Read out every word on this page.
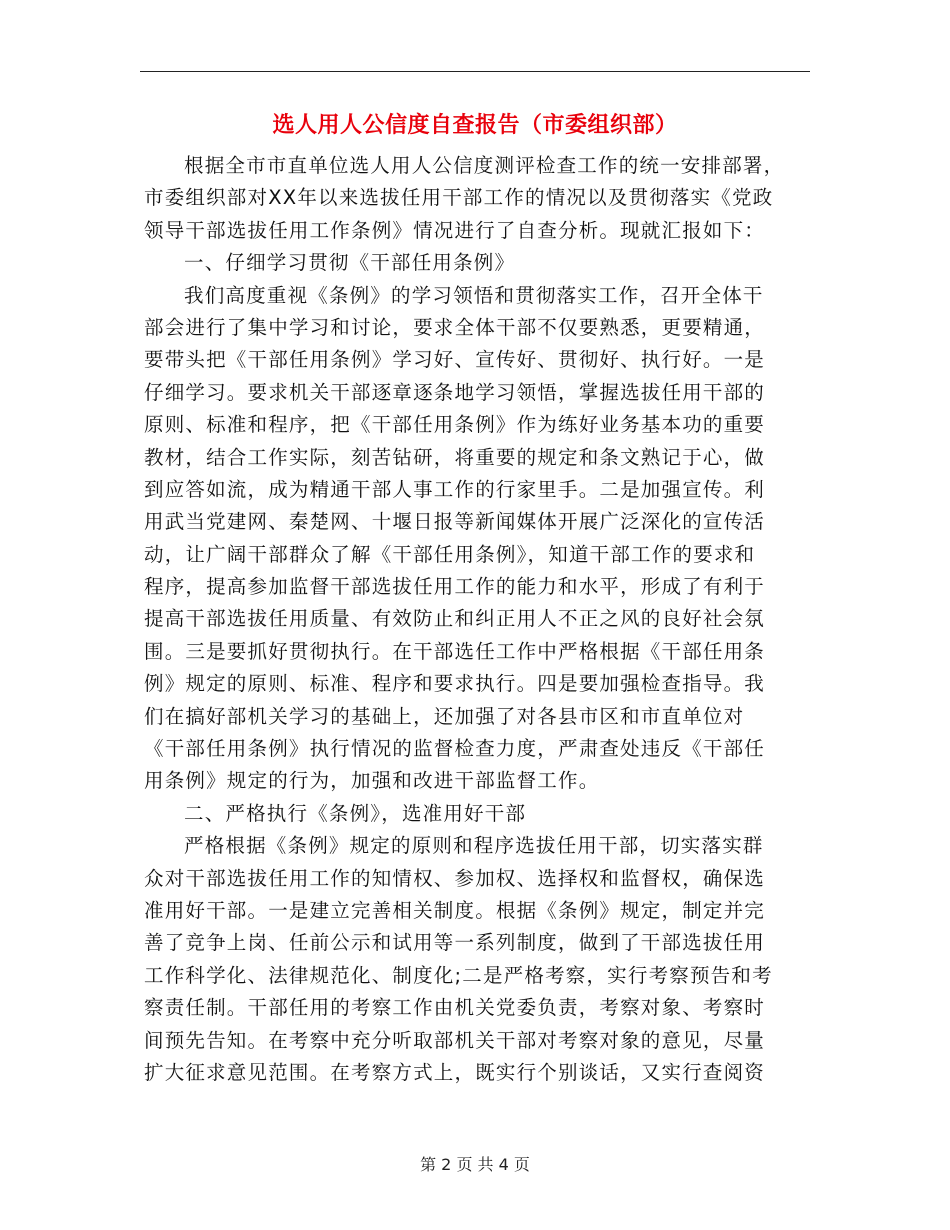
选人用人公信度自查报告（市委组织部）
根据全市市直单位选人用人公信度测评检查工作的统一安排部署，
市委组织部对XX年以来选拔任用干部工作的情况以及贯彻落实《党政
领导干部选拔任用工作条例》情况进行了自查分析。现就汇报如下：
一、仔细学习贯彻《干部任用条例》
我们高度重视《条例》的学习领悟和贯彻落实工作，召开全体干
部会进行了集中学习和讨论，要求全体干部不仅要熟悉，更要精通，
要带头把《干部任用条例》学习好、宣传好、贯彻好、执行好。一是
仔细学习。要求机关干部逐章逐条地学习领悟，掌握选拔任用干部的
原则、标准和程序，把《干部任用条例》作为练好业务基本功的重要
教材，结合工作实际，刻苦钻研，将重要的规定和条文熟记于心，做
到应答如流，成为精通干部人事工作的行家里手。二是加强宣传。利
用武当党建网、秦楚网、十堰日报等新闻媒体开展广泛深化的宣传活
动，让广阔干部群众了解《干部任用条例》，知道干部工作的要求和
程序，提高参加监督干部选拔任用工作的能力和水平，形成了有利于
提高干部选拔任用质量、有效防止和纠正用人不正之风的良好社会氛
围。三是要抓好贯彻执行。在干部选任工作中严格根据《干部任用条
例》规定的原则、标准、程序和要求执行。四是要加强检查指导。我
们在搞好部机关学习的基础上，还加强了对各县市区和市直单位对
《干部任用条例》执行情况的监督检查力度，严肃查处违反《干部任
用条例》规定的行为，加强和改进干部监督工作。
二、严格执行《条例》，选准用好干部
严格根据《条例》规定的原则和程序选拔任用干部，切实落实群
众对干部选拔任用工作的知情权、参加权、选择权和监督权，确保选
准用好干部。一是建立完善相关制度。根据《条例》规定，制定并完
善了竞争上岗、任前公示和试用等一系列制度，做到了干部选拔任用
工作科学化、法律规范化、制度化;二是严格考察，实行考察预告和考
察责任制。干部任用的考察工作由机关党委负责，考察对象、考察时
间预先告知。在考察中充分听取部机关干部对考察对象的意见，尽量
扩大征求意见范围。在考察方式上，既实行个别谈话，又实行查阅资
第 2 页 共 4 页
